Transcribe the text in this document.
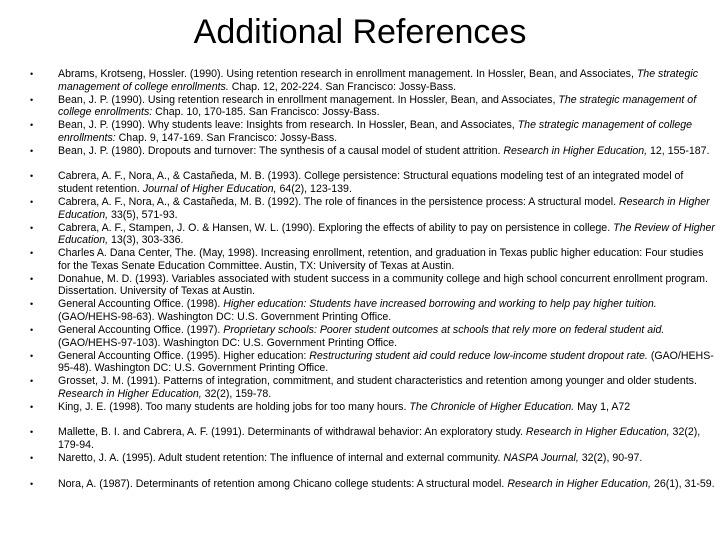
Additional References
• Abrams, Krotseng, Hossler. (1990). Using retention research in enrollment management. In Hossler, Bean, and Associates, The strategic management of college enrollments. Chap. 12, 202-224. San Francisco: Jossy-Bass.
• Bean, J. P. (1990). Using retention research in enrollment management. In Hossler, Bean, and Associates, The strategic management of college enrollments: Chap. 10, 170-185. San Francisco: Jossy-Bass.
• Bean, J. P. (1990). Why students leave: Insights from research. In Hossler, Bean, and Associates, The strategic management of college enrollments: Chap. 9, 147-169. San Francisco: Jossy-Bass.
• Bean, J. P. (1980). Dropouts and turnover: The synthesis of a causal model of student attrition. Research in Higher Education, 12, 155-187.
• Cabrera, A. F., Nora, A., & Castañeda, M. B. (1993). College persistence: Structural equations modeling test of an integrated model of student retention. Journal of Higher Education, 64(2), 123-139.
• Cabrera, A. F., Nora, A., & Castañeda, M. B. (1992). The role of finances in the persistence process: A structural model. Research in Higher Education, 33(5), 571-93.
• Cabrera, A. F., Stampen, J. O. & Hansen, W. L. (1990). Exploring the effects of ability to pay on persistence in college. The Review of Higher Education, 13(3), 303-336.
• Charles A. Dana Center, The. (May, 1998). Increasing enrollment, retention, and graduation in Texas public higher education: Four studies for the Texas Senate Education Committee. Austin, TX: University of Texas at Austin.
• Donahue, M. D. (1993). Variables associated with student success in a community college and high school concurrent enrollment program. Dissertation. University of Texas at Austin.
• General Accounting Office. (1998). Higher education: Students have increased borrowing and working to help pay higher tuition. (GAO/HEHS-98-63). Washington DC: U.S. Government Printing Office.
• General Accounting Office. (1997). Proprietary schools: Poorer student outcomes at schools that rely more on federal student aid. (GAO/HEHS-97-103). Washington DC: U.S. Government Printing Office.
• General Accounting Office. (1995). Higher education: Restructuring student aid could reduce low-income student dropout rate. (GAO/HEHS-95-48). Washington DC: U.S. Government Printing Office.
• Grosset, J. M. (1991). Patterns of integration, commitment, and student characteristics and retention among younger and older students. Research in Higher Education, 32(2), 159-78.
• King, J. E. (1998). Too many students are holding jobs for too many hours. The Chronicle of Higher Education. May 1, A72
• Mallette, B. I. and Cabrera, A. F. (1991). Determinants of withdrawal behavior: An exploratory study. Research in Higher Education, 32(2), 179-94.
• Naretto, J. A. (1995). Adult student retention: The influence of internal and external community. NASPA Journal, 32(2), 90-97.
• Nora, A. (1987). Determinants of retention among Chicano college students: A structural model. Research in Higher Education, 26(1), 31-59.
